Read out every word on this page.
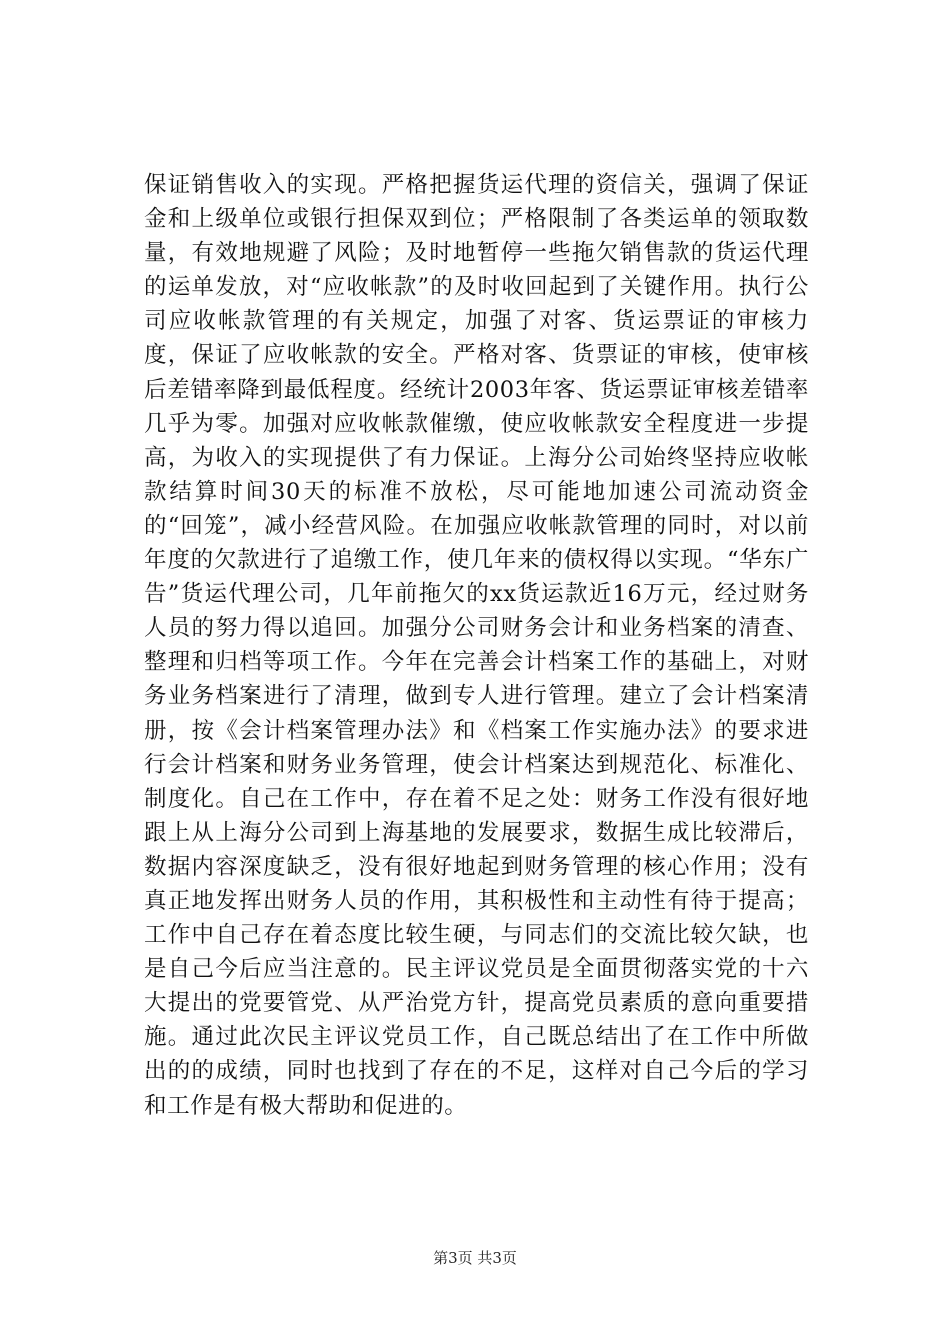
保证销售收入的实现。严格把握货运代理的资信关，强调了保证金和上级单位或银行担保双到位；严格限制了各类运单的领取数量，有效地规避了风险；及时地暂停一些拖欠销售款的货运代理的运单发放，对“应收帐款”的及时收回起到了关键作用。执行公司应收帐款管理的有关规定，加强了对客、货运票证的审核力度，保证了应收帐款的安全。严格对客、货票证的审核，使审核后差错率降到最低程度。经统计2003年客、货运票证审核差错率几乎为零。加强对应收帐款催缴，使应收帐款安全程度进一步提高，为收入的实现提供了有力保证。上海分公司始终坚持应收帐款结算时间30天的标准不放松，尽可能地加速公司流动资金的“回笼”，减小经营风险。在加强应收帐款管理的同时，对以前年度的欠款进行了追缴工作，使几年来的债权得以实现。“华东广告”货运代理公司，几年前拖欠的xx货运款近16万元，经过财务人员的努力得以追回。加强分公司财务会计和业务档案的清查、整理和归档等项工作。今年在完善会计档案工作的基础上，对财务业务档案进行了清理，做到专人进行管理。建立了会计档案清册，按《会计档案管理办法》和《档案工作实施办法》的要求进行会计档案和财务业务管理，使会计档案达到规范化、标准化、制度化。自己在工作中，存在着不足之处：财务工作没有很好地跟上从上海分公司到上海基地的发展要求，数据生成比较滞后，数据内容深度缺乏，没有很好地起到财务管理的核心作用；没有真正地发挥出财务人员的作用，其积极性和主动性有待于提高；工作中自己存在着态度比较生硬，与同志们的交流比较欠缺，也是自己今后应当注意的。民主评议党员是全面贯彻落实党的十六大提出的党要管党、从严治党方针，提高党员素质的意向重要措施。通过此次民主评议党员工作，自己既总结出了在工作中所做出的的成绩，同时也找到了存在的不足，这样对自己今后的学习和工作是有极大帮助和促进的。

第3页 共3页
